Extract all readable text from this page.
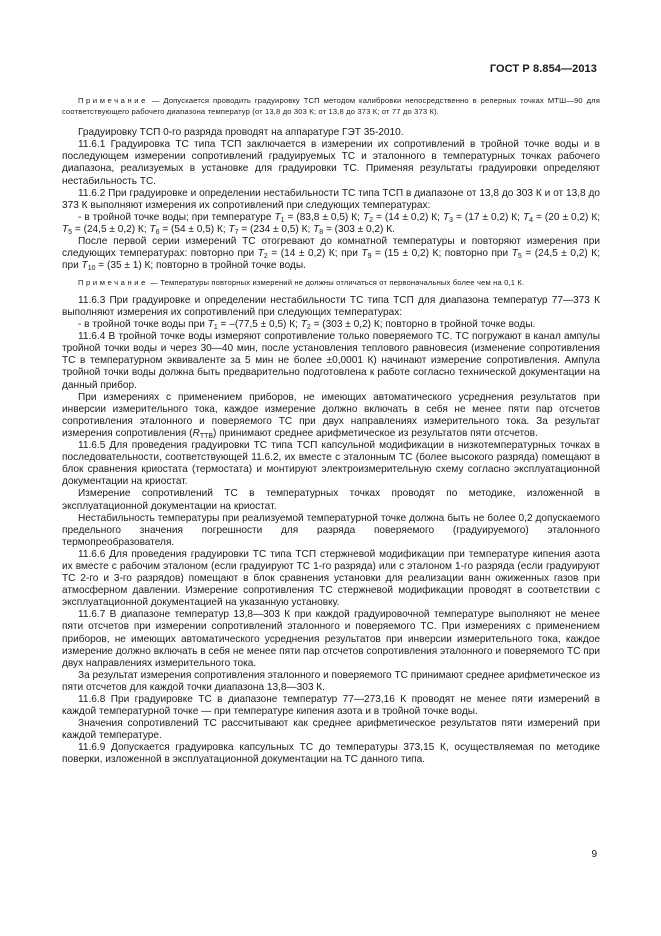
ГОСТ Р 8.854—2013

Примечание — Допускается проводить градуировку ТСП методом калибровки непосредственно в реперных точках МТШ—90 для соответствующего рабочего диапазона температур (от 13,8 до 303 К; от 13,8 до 373 К; от 77 до 373 К).

Градуировку ТСП 0-го разряда проводят на аппаратуре ГЭТ 35-2010.

11.6.1 Градуировка ТС типа ТСП заключается в измерении их сопротивлений в тройной точке воды и в последующем измерении сопротивлений градуируемых ТС и эталонного в температурных точках рабочего диапазона, реализуемых в установке для градуировки ТС. Применяя результаты градуировки определяют нестабильность ТС.

11.6.2 При градуировке и определении нестабильности ТС типа ТСП в диапазоне от 13,8 до 303 К и от 13,8 до 373 К выполняют измерения их сопротивлений при следующих температурах:

- в тройной точке воды; при температуре $T_1 = (83,8 \pm 0,5)$ К; $T_2 = (14 \pm 0,2)$ К; $T_3 = (17 \pm 0,2)$ К; $T_4 = (20 \pm 0,2)$ К; $T_5 = (24,5 \pm 0,2)$ К; $T_6 = (54 \pm 0,5)$ К; $T_7 = (234 \pm 0,5)$ К; $T_8 = (303 \pm 0,2)$ К.

После первой серии измерений ТС отогревают до комнатной температуры и повторяют измерения при следующих температурах: повторно при $T_2 = (14 \pm 0,2)$ К; при $T_9 = (15 \pm 0,2)$ К; повторно при $T_5 = (24,5 \pm 0,2)$ К; при $T_{10} = (35 \pm 1)$ К; повторно в тройной точке воды.

Примечание — Температуры повторных измерений не должны отличаться от первоначальных более чем на 0,1 К.

11.6.3 При градуировке и определении нестабильности ТС типа ТСП для диапазона температур 77—373 К выполняют измерения их сопротивлений при следующих температурах:

- в тройной точке воды при $T_1 = -(77,5 \pm 0,5)$ К; $T_2 = (303 \pm 0,2)$ К; повторно в тройной точке воды.

11.6.4 В тройной точке воды измеряют сопротивление только поверяемого ТС. ТС погружают в канал ампулы тройной точки воды и через 30—40 мин, после установления теплового равновесия (изменение сопротивления ТС в температурном эквиваленте за 5 мин не более ±0,0001 К) начинают измерение сопротивления. Ампула тройной точки воды должна быть предварительно подготовлена к работе согласно технической документации на данный прибор.

При измерениях с применением приборов, не имеющих автоматического усреднения результатов при инверсии измерительного тока, каждое измерение должно включать в себя не менее пяти пар отсчетов сопротивления эталонного и поверяемого ТС при двух направлениях измерительного тока. За результат измерения сопротивления $(R_{ТТВ})$ принимают среднее арифметическое из результатов пяти отсчетов.

11.6.5 Для проведения градуировки ТС типа ТСП капсульной модификации в низкотемпературных точках в последовательности, соответствующей 11.6.2, их вместе с эталонным ТС (более высокого разряда) помещают в блок сравнения криостата (термостата) и монтируют электроизмерительную схему согласно эксплуатационной документации на криостат.

Измерение сопротивлений ТС в температурных точках проводят по методике, изложенной в эксплуатационной документации на криостат.

Нестабильность температуры при реализуемой температурной точке должна быть не более 0,2 допускаемого предельного значения погрешности для разряда поверяемого (градуируемого) эталонного термопреобразователя.

11.6.6 Для проведения градуировки ТС типа ТСП стержневой модификации при температуре кипения азота их вместе с рабочим эталоном (если градуируют ТС 1-го разряда) или с эталоном 1-го разряда (если градуируют ТС 2-го и 3-го разрядов) помещают в блок сравнения установки для реализации ванн ожиженных газов при атмосферном давлении. Измерение сопротивления ТС стержневой модификации проводят в соответствии с эксплуатационной документацией на указанную установку.

11.6.7 В диапазоне температур 13,8—303 К при каждой градуировочной температуре выполняют не менее пяти отсчетов при измерении сопротивлений эталонного и поверяемого ТС. При измерениях с применением приборов, не имеющих автоматического усреднения результатов при инверсии измерительного тока, каждое измерение должно включать в себя не менее пяти пар отсчетов сопротивления эталонного и поверяемого ТС при двух направлениях измерительного тока.

За результат измерения сопротивления эталонного и поверяемого ТС принимают среднее арифметическое из пяти отсчетов для каждой точки диапазона 13,8—303 К.

11.6.8 При градуировке ТС в диапазоне температур 77—273,16 К проводят не менее пяти измерений в каждой температурной точке — при температуре кипения азота и в тройной точке воды.

Значения сопротивлений ТС рассчитывают как среднее арифметическое результатов пяти измерений при каждой температуре.

11.6.9 Допускается градуировка капсульных ТС до температуры 373,15 К, осуществляемая по методике поверки, изложенной в эксплуатационной документации на ТС данного типа.

9
